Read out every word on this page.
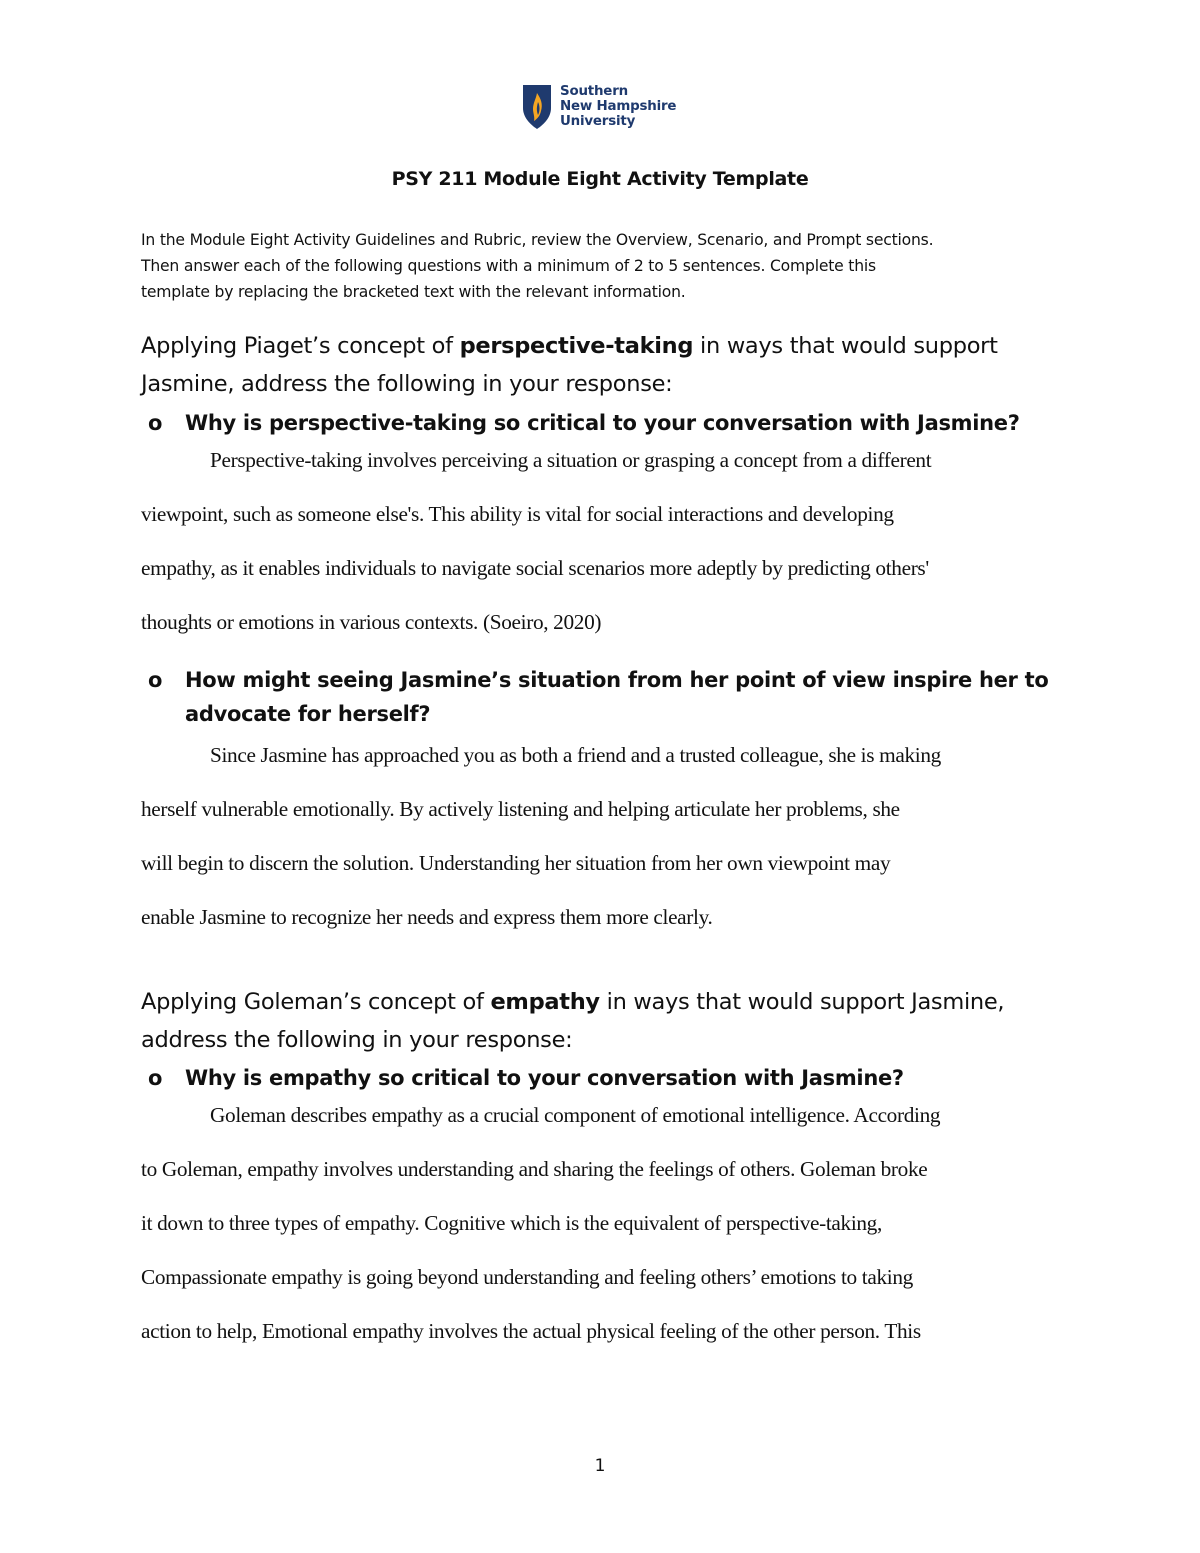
Southern
New Hampshire
University
PSY 211 Module Eight Activity Template
In the Module Eight Activity Guidelines and Rubric, review the Overview, Scenario, and Prompt sections.
Then answer each of the following questions with a minimum of 2 to 5 sentences. Complete this
template by replacing the bracketed text with the relevant information.
Applying Piaget’s concept of perspective-taking in ways that would support
Jasmine, address the following in your response:
o Why is perspective-taking so critical to your conversation with Jasmine?
Perspective-taking involves perceiving a situation or grasping a concept from a different
viewpoint, such as someone else's. This ability is vital for social interactions and developing
empathy, as it enables individuals to navigate social scenarios more adeptly by predicting others'
thoughts or emotions in various contexts. (Soeiro, 2020)
o How might seeing Jasmine’s situation from her point of view inspire her to
advocate for herself?
Since Jasmine has approached you as both a friend and a trusted colleague, she is making
herself vulnerable emotionally. By actively listening and helping articulate her problems, she
will begin to discern the solution. Understanding her situation from her own viewpoint may
enable Jasmine to recognize her needs and express them more clearly.
Applying Goleman’s concept of empathy in ways that would support Jasmine,
address the following in your response:
o Why is empathy so critical to your conversation with Jasmine?
Goleman describes empathy as a crucial component of emotional intelligence. According
to Goleman, empathy involves understanding and sharing the feelings of others. Goleman broke
it down to three types of empathy. Cognitive which is the equivalent of perspective-taking,
Compassionate empathy is going beyond understanding and feeling others’ emotions to taking
action to help, Emotional empathy involves the actual physical feeling of the other person. This
1
